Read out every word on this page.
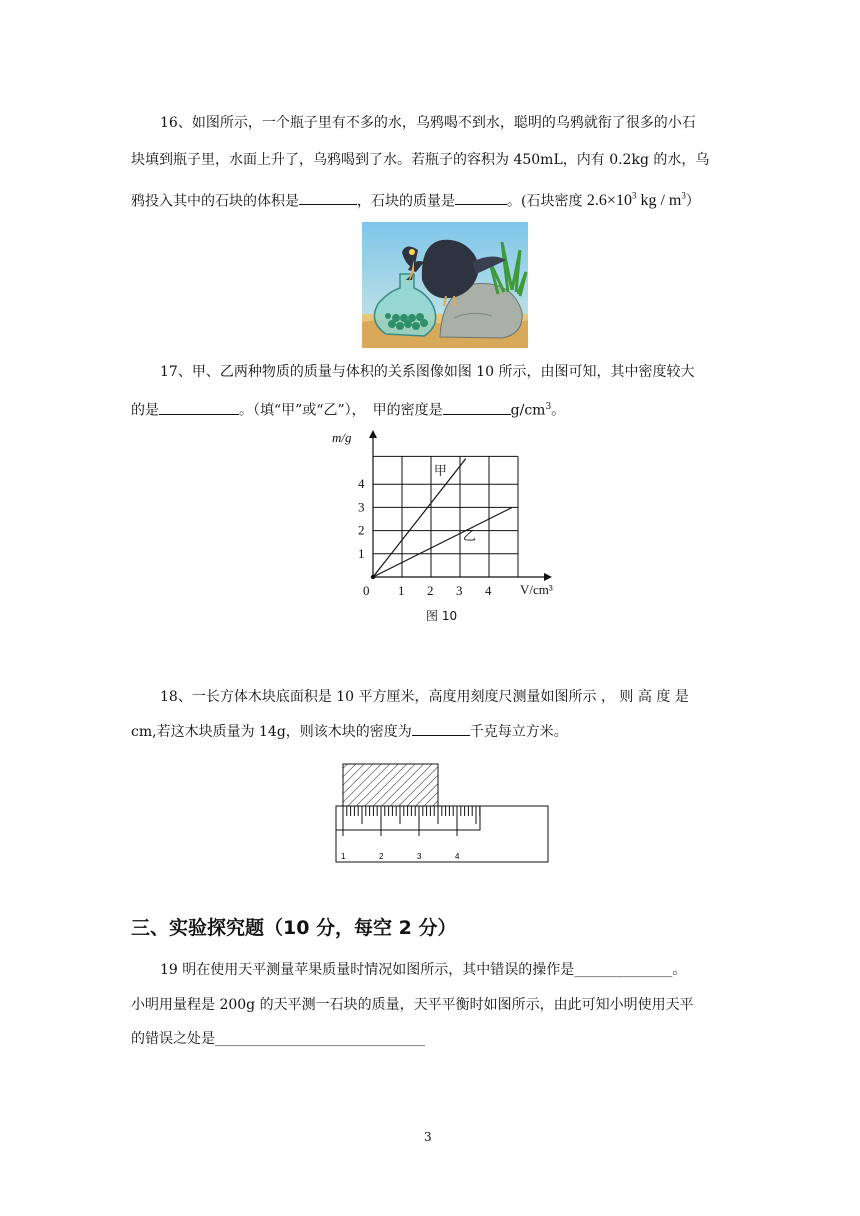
16、如图所示，一个瓶子里有不多的水，乌鸦喝不到水，聪明的乌鸦就衔了很多的小石
块填到瓶子里，水面上升了，乌鸦喝到了水。若瓶子的容积为 450mL，内有 0.2kg 的水，乌
鸦投入其中的石块的体积是	，石块的质量是	。(石块密度 $2.6\times 10^3$ kg / $m^3$）
17、甲、乙两种物质的质量与体积的关系图像如图 10 所示，由图可知，其中密度较大
的是	。（填“甲”或“乙”），　甲的密度是	$g/cm^3$。
0 1 2 3 4
1
2
3
4
甲
乙
m/g
V/cm³
图 10
18、一长方体木块底面积是 10 平方厘米，高度用刻度尺测量如图所示 ， 则 高 度 是
cm,若这木块质量为 14g，则该木块的密度为	千克每立方米。
1	2	3	4
三、实验探究题（10 分，每空 2 分）
19 明在使用天平测量苹果质量时情况如图所示，其中错误的操作是______________。
小明用量程是 200g 的天平测一石块的质量，天平平衡时如图所示，由此可知小明使用天平
的错误之处是______________________________
3
